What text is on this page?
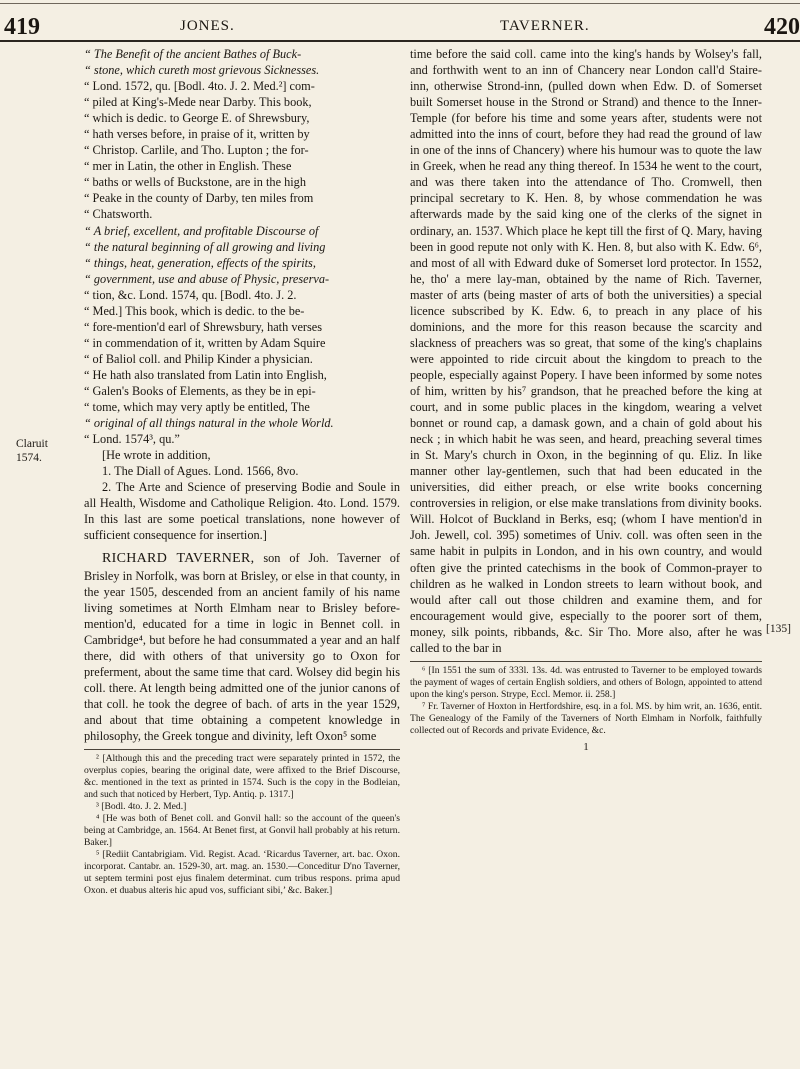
419	JONES.	TAVERNER.	420
Claruit
1574.
[135]

“ The Benefit of the ancient Bathes of Buck-

“ stone, which cureth most grievous Sicknesses.

“ Lond. 1572, qu. [Bodl. 4to. J. 2. Med.²] com-

“ piled at King's-Mede near Darby. This book,

“ which is dedic. to George E. of Shrewsbury,

“ hath verses before, in praise of it, written by

“ Christop. Carlile, and Tho. Lupton ; the for-

“ mer in Latin, the other in English. These

“ baths or wells of Buckstone, are in the high

“ Peake in the county of Darby, ten miles from

“ Chatsworth.

“ A brief, excellent, and profitable Discourse of

“ the natural beginning of all growing and living

“ things, heat, generation, effects of the spirits,

“ government, use and abuse of Physic, preserva-

“ tion, &c. Lond. 1574, qu. [Bodl. 4to. J. 2.

“ Med.] This book, which is dedic. to the be-

“ fore-mention'd earl of Shrewsbury, hath verses

“ in commendation of it, written by Adam Squire

“ of Baliol coll. and Philip Kinder a physician.

“ He hath also translated from Latin into English,

“ Galen's Books of Elements, as they be in epi-

“ tome, which may very aptly be entitled, The

“ original of all things natural in the whole World.

“ Lond. 1574³, qu.”

[He wrote in addition,

1. The Diall of Agues. Lond. 1566, 8vo.

2. The Arte and Science of preserving Bodie and Soule in all Health, Wisdome and Catholique Religion. 4to. Lond. 1579. In this last are some poetical translations, none however of sufficient consequence for insertion.]

RICHARD TAVERNER, son of Joh. Taverner of Brisley in Norfolk, was born at Brisley, or else in that county, in the year 1505, descended from an ancient family of his name living sometimes at North Elmham near to Brisley before-mention'd, educated for a time in logic in Bennet coll. in Cambridge⁴, but before he had consummated a year and an half there, did with others of that university go to Oxon for preferment, about the same time that card. Wolsey did begin his coll. there. At length being admitted one of the junior canons of that coll. he took the degree of bach. of arts in the year 1529, and about that time obtaining a competent knowledge in philosophy, the Greek tongue and divinity, left Oxon⁵ some

² [Although this and the preceding tract were separately printed in 1572, the overplus copies, bearing the original date, were affixed to the Brief Discourse, &c. mentioned in the text as printed in 1574. Such is the copy in the Bodleian, and such that noticed by Herbert, Typ. Antiq. p. 1317.]

³ [Bodl. 4to. J. 2. Med.]

⁴ [He was both of Benet coll. and Gonvil hall: so the account of the queen's being at Cambridge, an. 1564. At Benet first, at Gonvil hall probably at his return. Baker.]

⁵ [Rediit Cantabrigiam. Vid. Regist. Acad. ‘Ricardus Taverner, art. bac. Oxon. incorporat. Cantabr. an. 1529-30, art. mag. an. 1530.—Conceditur D'no Taverner, ut septem termini post ejus finalem determinat. cum tribus respons. prima apud Oxon. et duabus alteris hic apud vos, sufficiant sibi,’ &c. Baker.]

time before the said coll. came into the king's hands by Wolsey's fall, and forthwith went to an inn of Chancery near London call'd Staire-inn, otherwise Strond-inn, (pulled down when Edw. D. of Somerset built Somerset house in the Strond or Strand) and thence to the Inner-Temple (for before his time and some years after, students were not admitted into the inns of court, before they had read the ground of law in one of the inns of Chancery) where his humour was to quote the law in Greek, when he read any thing thereof. In 1534 he went to the court, and was there taken into the attendance of Tho. Cromwell, then principal secretary to K. Hen. 8, by whose commendation he was afterwards made by the said king one of the clerks of the signet in ordinary, an. 1537. Which place he kept till the first of Q. Mary, having been in good repute not only with K. Hen. 8, but also with K. Edw. 6⁶, and most of all with Edward duke of Somerset lord protector. In 1552, he, tho' a mere lay-man, obtained by the name of Rich. Taverner, master of arts (being master of arts of both the universities) a special licence subscribed by K. Edw. 6, to preach in any place of his dominions, and the more for this reason because the scarcity and slackness of preachers was so great, that some of the king's chaplains were appointed to ride circuit about the kingdom to preach to the people, especially against Popery. I have been informed by some notes of him, written by his⁷ grandson, that he preached before the king at court, and in some public places in the kingdom, wearing a velvet bonnet or round cap, a damask gown, and a chain of gold about his neck ; in which habit he was seen, and heard, preaching several times in St. Mary's church in Oxon, in the beginning of qu. Eliz. In like manner other lay-gentlemen, such that had been educated in the universities, did either preach, or else write books concerning controversies in religion, or else make translations from divinity books. Will. Holcot of Buckland in Berks, esq; (whom I have mention'd in Joh. Jewell, col. 395) sometimes of Univ. coll. was often seen in the same habit in pulpits in London, and in his own country, and would often give the printed catechisms in the book of Common-prayer to children as he walked in London streets to learn without book, and would after call out those children and examine them, and for encouragement would give, especially to the poorer sort of them, money, silk points, ribbands, &c. Sir Tho. More also, after he was called to the bar in

⁶ [In 1551 the sum of 333l. 13s. 4d. was entrusted to Taverner to be employed towards the payment of wages of certain English soldiers, and others of Bologn, appointed to attend upon the king's person. Strype, Eccl. Memor. ii. 258.]

⁷ Fr. Taverner of Hoxton in Hertfordshire, esq. in a fol. MS. by him writ, an. 1636, entit. The Genealogy of the Family of the Taverners of North Elmham in Norfolk, faithfully collected out of Records and private Evidence, &c.

1
